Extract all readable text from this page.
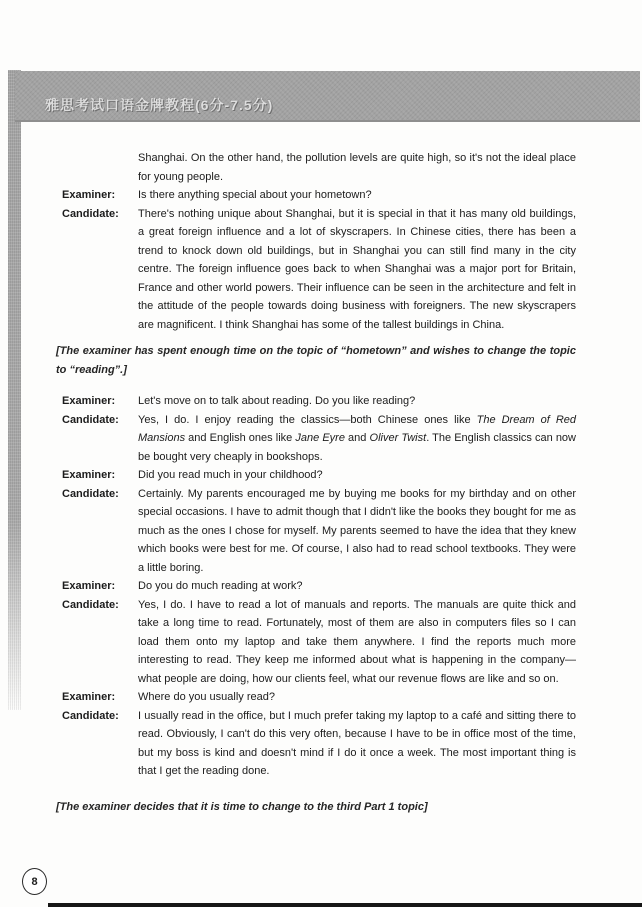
雅思考试口语金牌教程(6分-7.5分)
Shanghai. On the other hand, the pollution levels are quite high, so it's not the ideal place for young people.
Examiner:	Is there anything special about your hometown?
Candidate:	There's nothing unique about Shanghai, but it is special in that it has many old buildings, a great foreign influence and a lot of skyscrapers. In Chinese cities, there has been a trend to knock down old buildings, but in Shanghai you can still find many in the city centre. The foreign influence goes back to when Shanghai was a major port for Britain, France and other world powers. Their influence can be seen in the architecture and felt in the attitude of the people towards doing business with foreigners. The new skyscrapers are magnificent. I think Shanghai has some of the tallest buildings in China.
[The examiner has spent enough time on the topic of “hometown” and wishes to change the topic to “reading”.]
Examiner:	Let's move on to talk about reading. Do you like reading?
Candidate:	Yes, I do. I enjoy reading the classics—both Chinese ones like The Dream of Red Mansions and English ones like Jane Eyre and Oliver Twist. The English classics can now be bought very cheaply in bookshops.
Examiner:	Did you read much in your childhood?
Candidate:	Certainly. My parents encouraged me by buying me books for my birthday and on other special occasions. I have to admit though that I didn't like the books they bought for me as much as the ones I chose for myself. My parents seemed to have the idea that they knew which books were best for me. Of course, I also had to read school textbooks. They were a little boring.
Examiner:	Do you do much reading at work?
Candidate:	Yes, I do. I have to read a lot of manuals and reports. The manuals are quite thick and take a long time to read. Fortunately, most of them are also in computers files so I can load them onto my laptop and take them anywhere. I find the reports much more interesting to read. They keep me informed about what is happening in the company—what people are doing, how our clients feel, what our revenue flows are like and so on.
Examiner:	Where do you usually read?
Candidate:	I usually read in the office, but I much prefer taking my laptop to a café and sitting there to read. Obviously, I can't do this very often, because I have to be in office most of the time, but my boss is kind and doesn't mind if I do it once a week. The most important thing is that I get the reading done.
[The examiner decides that it is time to change to the third Part 1 topic]
8
